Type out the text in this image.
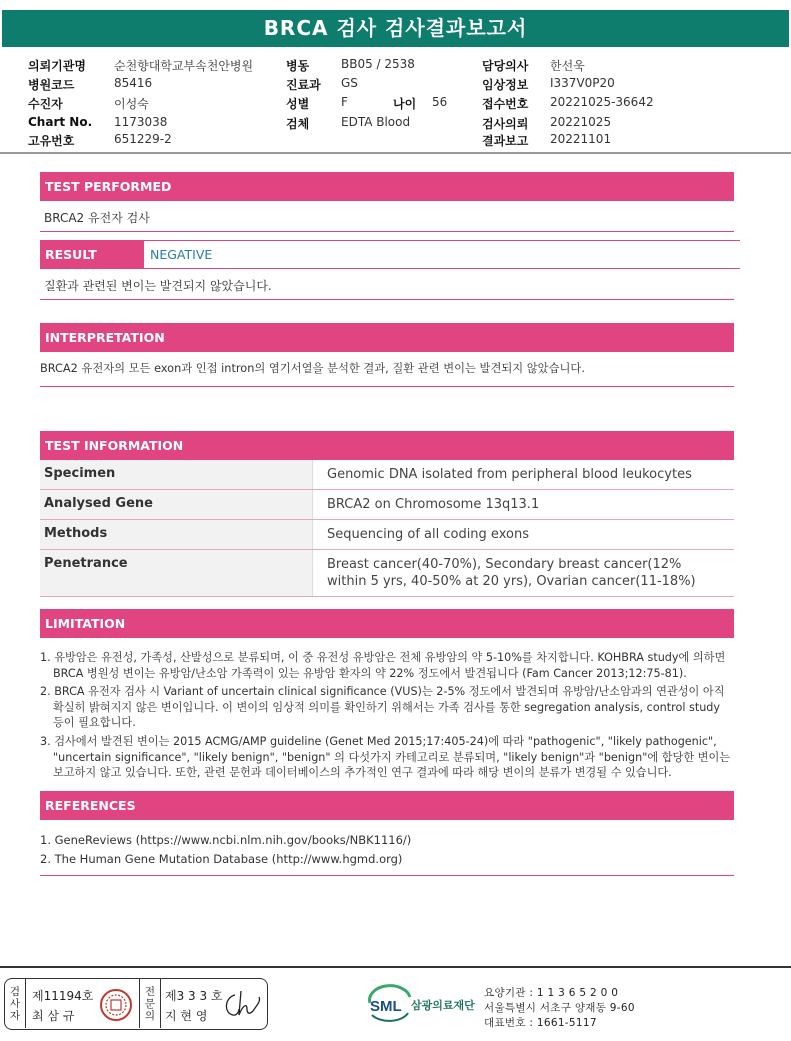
BRCA 검사 검사결과보고서
의뢰기관명 순천향대학교부속천안병원
병원코드	85416
수진자	이성숙
Chart No. 1173038
고유번호	651229-2
병동	BB05 / 2538
진료과 GS
성별	F	나이 56
검체	EDTA Blood
담당의사 한선욱
임상정보 I337V0P20
접수번호 20221025-36642
검사의뢰 20221025
결과보고 20221101
TEST PERFORMED
BRCA2 유전자 검사
RESULT	NEGATIVE
질환과 관련된 변이는 발견되지 않았습니다.
INTERPRETATION
BRCA2 유전자의 모든 exon과 인접 intron의 염기서열을 분석한 결과, 질환 관련 변이는 발견되지 않았습니다.
TEST INFORMATION
Specimen	Genomic DNA isolated from peripheral blood leukocytes
Analysed Gene	BRCA2 on Chromosome 13q13.1
Methods	Sequencing of all coding exons
Penetrance	Breast cancer(40-70%), Secondary breast cancer(12% within 5 yrs, 40-50% at 20 yrs), Ovarian cancer(11-18%)
LIMITATION
1. 유방암은 유전성, 가족성, 산발성으로 분류되며, 이 중 유전성 유방암은 전체 유방암의 약 5-10%를 차지합니다. KOHBRA study에 의하면 BRCA 병원성 변이는 유방암/난소암 가족력이 있는 유방암 환자의 약 22% 정도에서 발견됩니다 (Fam Cancer 2013;12:75-81).
2. BRCA 유전자 검사 시 Variant of uncertain clinical significance (VUS)는 2-5% 정도에서 발견되며 유방암/난소암과의 연관성이 아직 확실히 밝혀지지 않은 변이입니다. 이 변이의 임상적 의미를 확인하기 위해서는 가족 검사를 통한 segregation analysis, control study 등이 필요합니다.
3. 검사에서 발견된 변이는 2015 ACMG/AMP guideline (Genet Med 2015;17:405-24)에 따라 "pathogenic", "likely pathogenic", "uncertain significance", "likely benign", "benign" 의 다섯가지 카테고리로 분류되며, "likely benign"과 "benign"에 합당한 변이는 보고하지 않고 있습니다. 또한, 관련 문헌과 데이터베이스의 추가적인 연구 결과에 따라 해당 변이의 분류가 변경될 수 있습니다.
REFERENCES
1. GeneReviews (https://www.ncbi.nlm.nih.gov/books/NBK1116/)
2. The Human Gene Mutation Database (http://www.hgmd.org)
검
사
자
제11194호
최 삼 규
전
문
의
제3 3 3 호
지 현 영
SML 삼광의료재단
요양기관 : 1 1 3 6 5 2 0 0
서울특별시 서초구 양재동 9-60
대표번호 : 1661-5117
